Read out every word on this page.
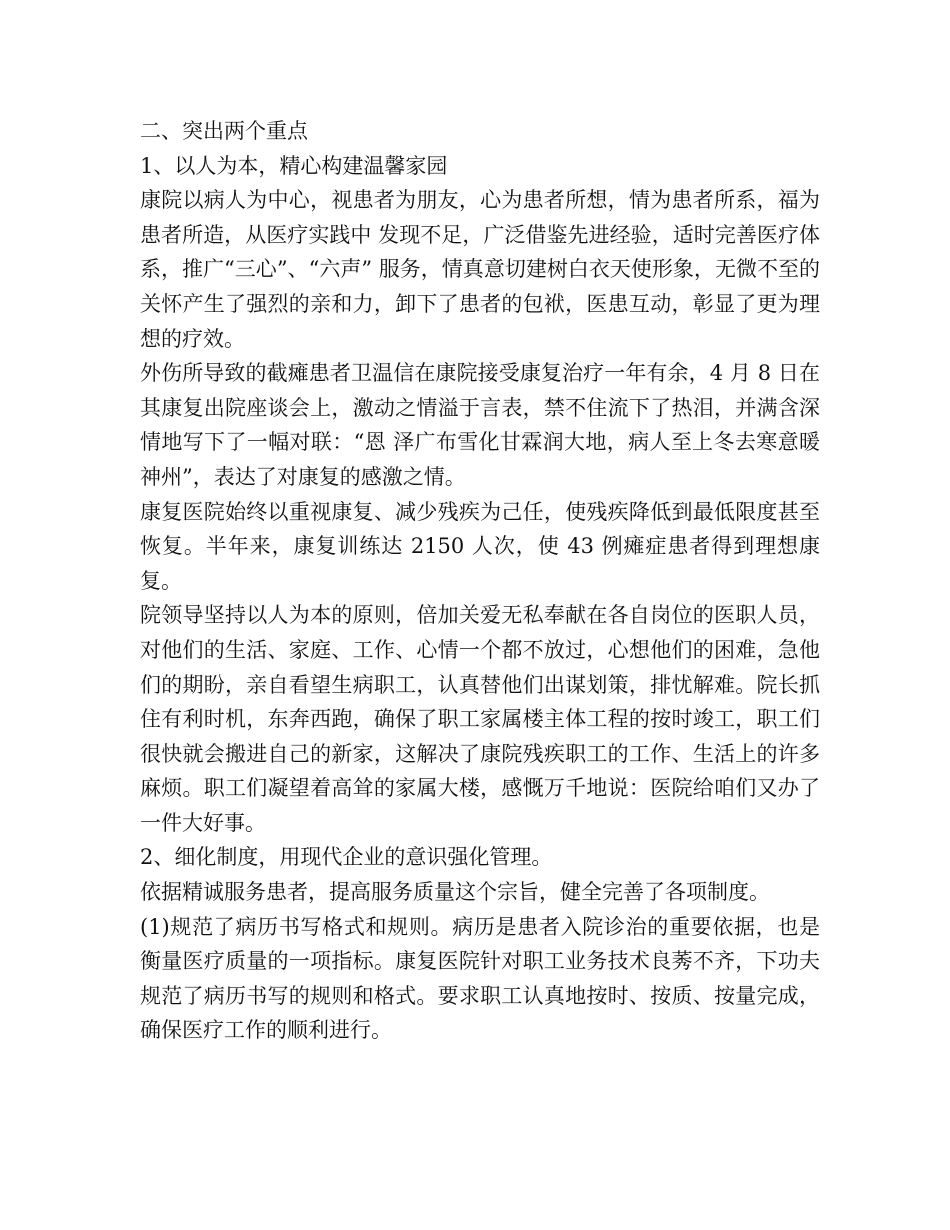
二、突出两个重点

1、以人为本，精心构建温馨家园

康院以病人为中心，视患者为朋友，心为患者所想，情为患者所系，福为患者所造，从医疗实践中 发现不足，广泛借鉴先进经验，适时完善医疗体系，推广“三心”、“六声” 服务，情真意切建树白衣天使形象，无微不至的关怀产生了强烈的亲和力，卸下了患者的包袱，医患互动，彰显了更为理想的疗效。

外伤所导致的截瘫患者卫温信在康院接受康复治疗一年有余，4 月 8 日在其康复出院座谈会上，激动之情溢于言表，禁不住流下了热泪，并满含深情地写下了一幅对联：“恩 泽广布雪化甘霖润大地，病人至上冬去寒意暖神州”，表达了对康复的感激之情。

康复医院始终以重视康复、减少残疾为己任，使残疾降低到最低限度甚至恢复。半年来，康复训练达 2150 人次，使 43 例瘫症患者得到理想康复。

院领导坚持以人为本的原则，倍加关爱无私奉献在各自岗位的医职人员，对他们的生活、家庭、工作、心情一个都不放过，心想他们的困难，急他们的期盼，亲自看望生病职工，认真替他们出谋划策，排忧解难。院长抓住有利时机，东奔西跑，确保了职工家属楼主体工程的按时竣工，职工们很快就会搬进自己的新家，这解决了康院残疾职工的工作、生活上的许多麻烦。职工们凝望着高耸的家属大楼，感慨万千地说：医院给咱们又办了一件大好事。

2、细化制度，用现代企业的意识强化管理。

依据精诚服务患者，提高服务质量这个宗旨，健全完善了各项制度。

(1)规范了病历书写格式和规则。病历是患者入院诊治的重要依据，也是衡量医疗质量的一项指标。康复医院针对职工业务技术良莠不齐，下功夫规范了病历书写的规则和格式。要求职工认真地按时、按质、按量完成，确保医疗工作的顺利进行。
